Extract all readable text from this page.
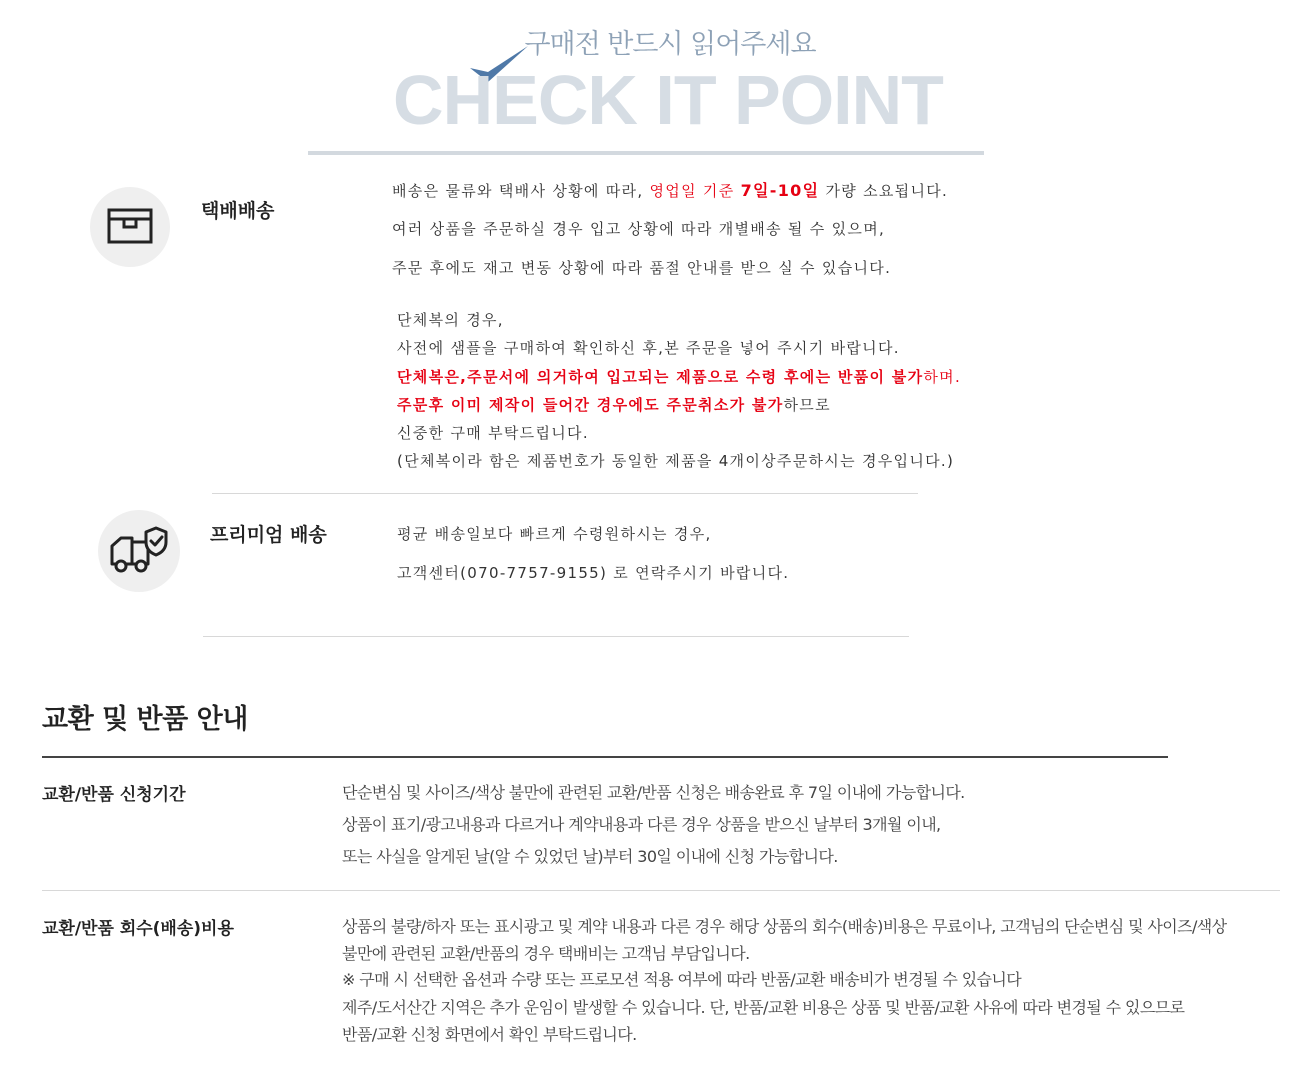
구매전 반드시 읽어주세요
CHECK IT POINT
택배배송
배송은 물류와 택배사 상황에 따라, 영업일 기준 7일-10일 가량 소요됩니다.
여러 상품을 주문하실 경우 입고 상황에 따라 개별배송 될 수 있으며,
주문 후에도 재고 변동 상황에 따라 품절 안내를 받으 실 수 있습니다.
단체복의 경우,
사전에 샘플을 구매하여 확인하신 후,본 주문을 넣어 주시기 바랍니다.
단체복은,주문서에 의거하여 입고되는 제품으로 수령 후에는 반품이 불가하며.
주문후 이미 제작이 들어간 경우에도 주문취소가 불가하므로
신중한 구매 부탁드립니다.
(단체복이라 함은 제품번호가 동일한 제품을 4개이상주문하시는 경우입니다.)
프리미엄 배송	평균 배송일보다 빠르게 수령원하시는 경우,
고객센터(070-7757-9155) 로 연락주시기 바랍니다.
교환 및 반품 안내
교환/반품 신청기간	단순변심 및 사이즈/색상 불만에 관련된 교환/반품 신청은 배송완료 후 7일 이내에 가능합니다.
상품이 표기/광고내용과 다르거나 계약내용과 다른 경우 상품을 받으신 날부터 3개월 이내,
또는 사실을 알게된 날(알 수 있었던 날)부터 30일 이내에 신청 가능합니다.
교환/반품 회수(배송)비용	상품의 불량/하자 또는 표시광고 및 계약 내용과 다른 경우 해당 상품의 회수(배송)비용은 무료이나, 고객님의 단순변심 및 사이즈/색상
불만에 관련된 교환/반품의 경우 택배비는 고객님 부담입니다.
※ 구매 시 선택한 옵션과 수량 또는 프로모션 적용 여부에 따라 반품/교환 배송비가 변경될 수 있습니다
제주/도서산간 지역은 추가 운임이 발생할 수 있습니다. 단, 반품/교환 비용은 상품 및 반품/교환 사유에 따라 변경될 수 있으므로
반품/교환 신청 화면에서 확인 부탁드립니다.
